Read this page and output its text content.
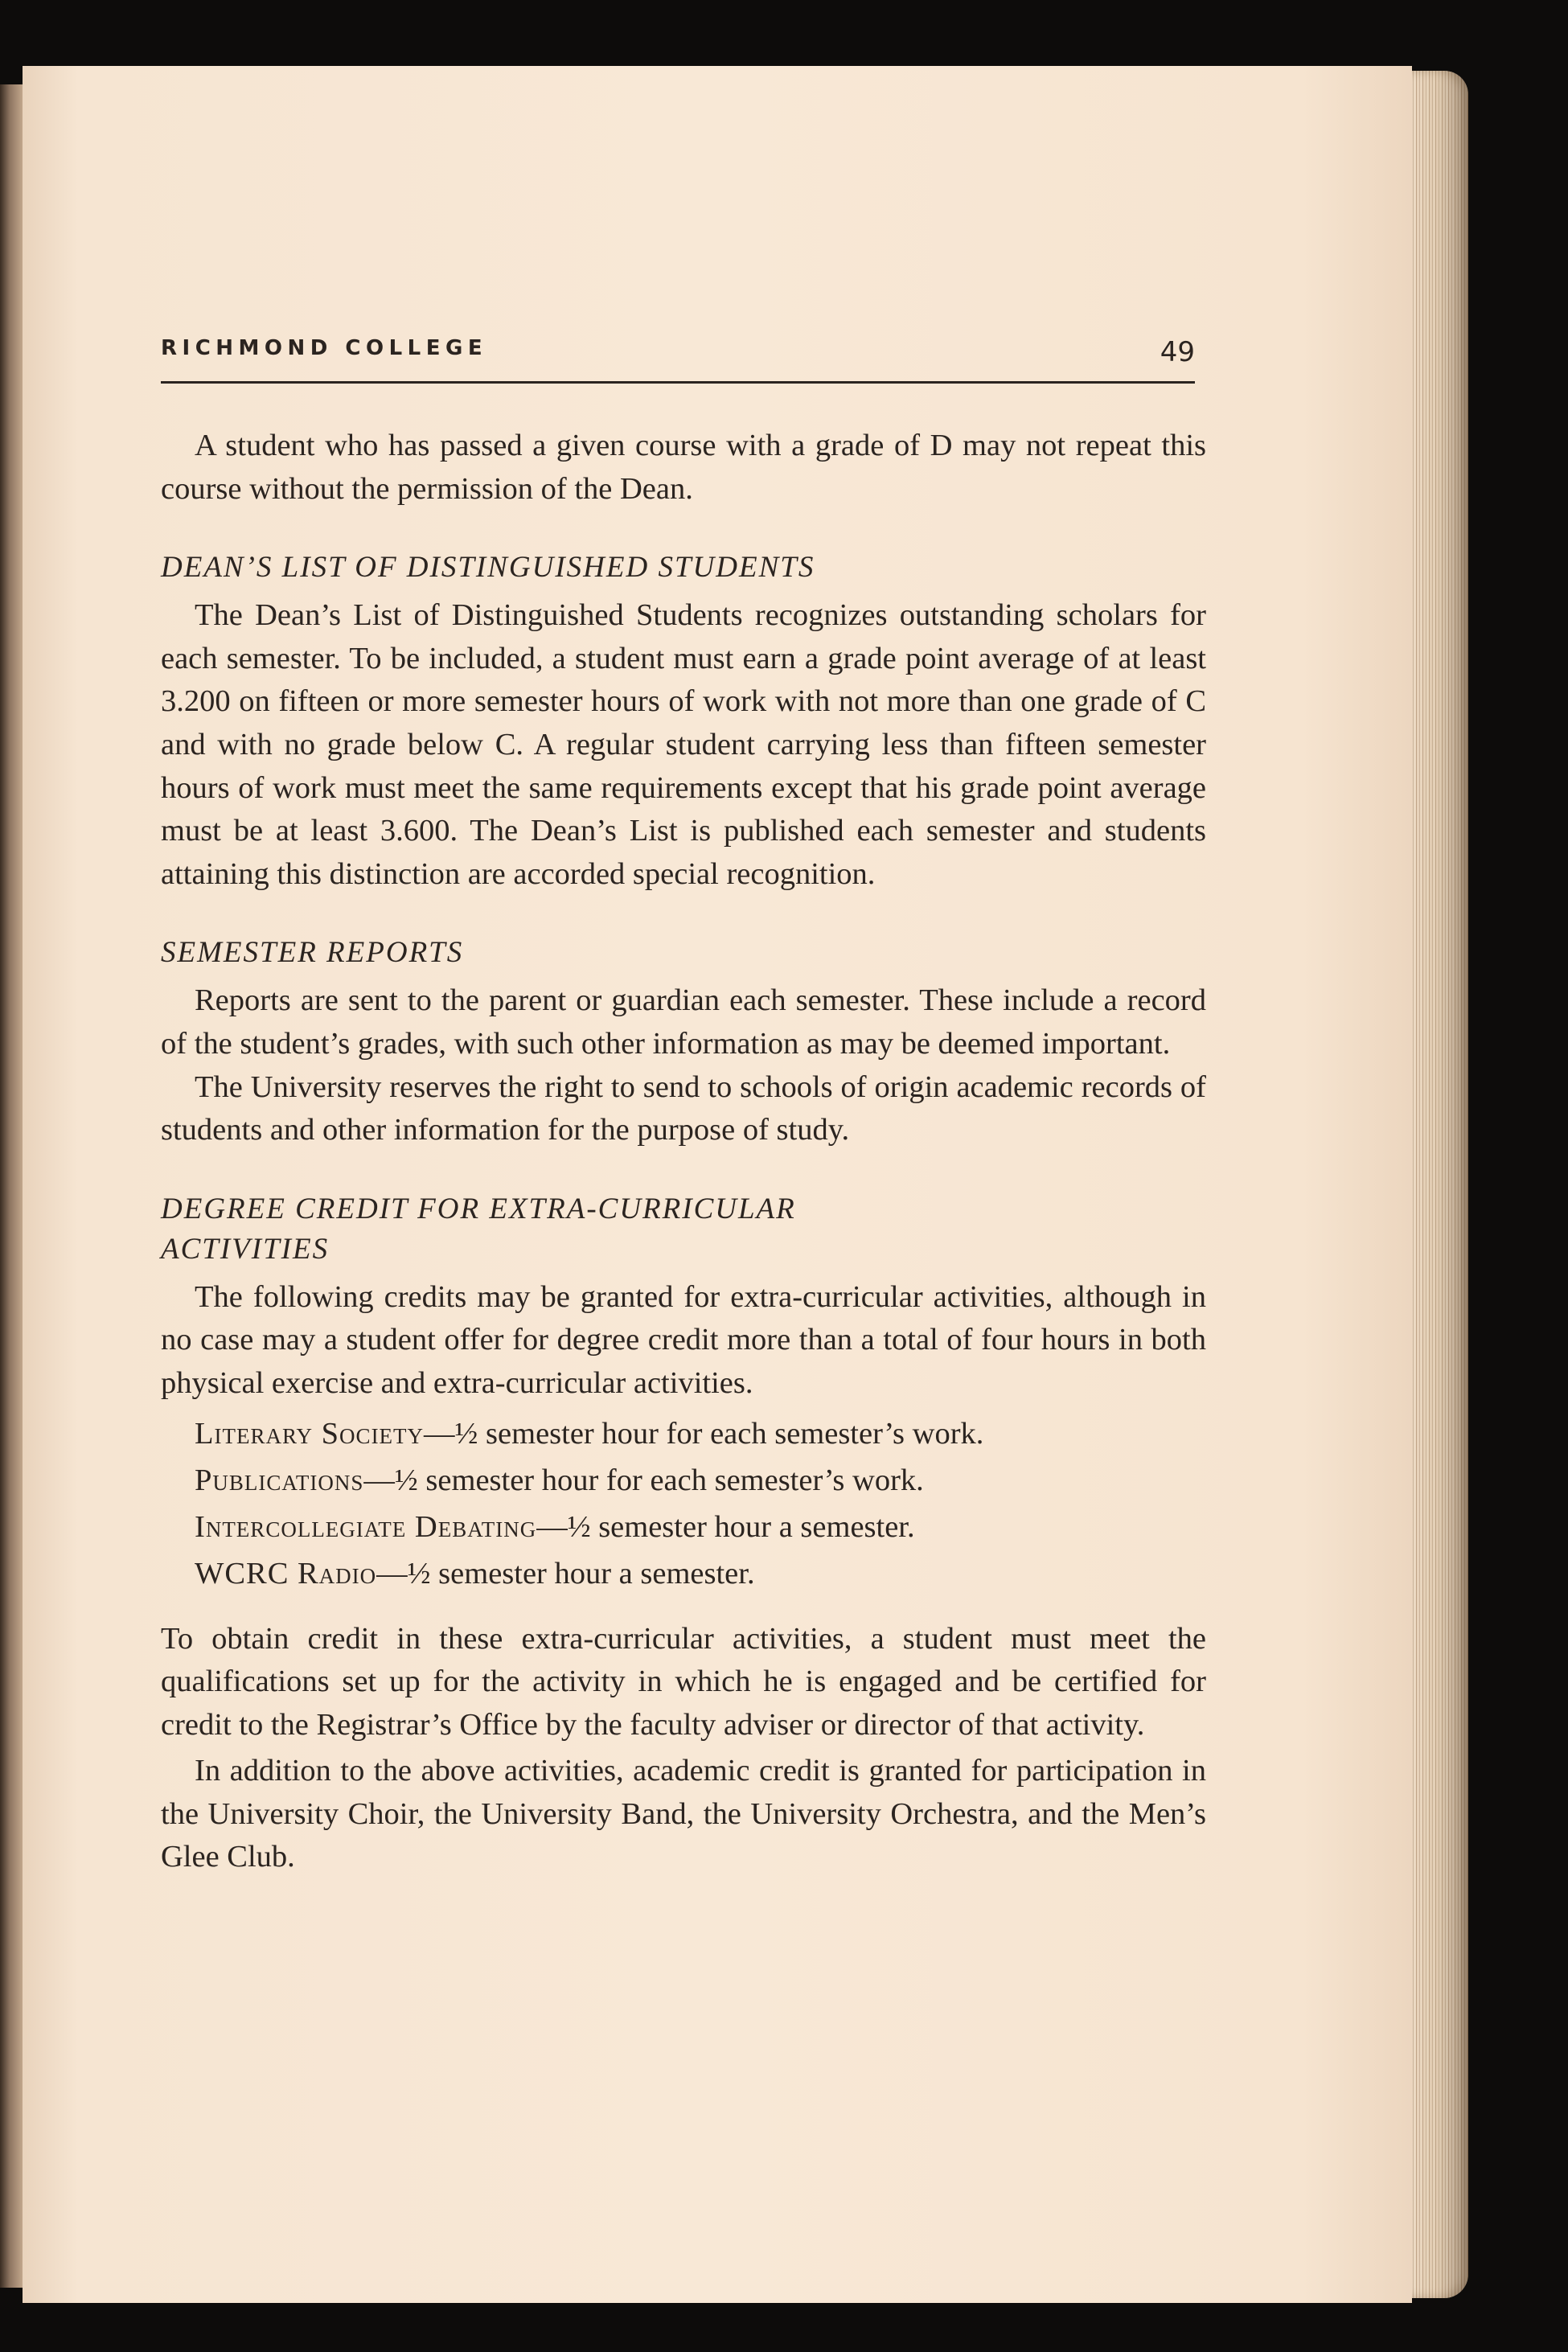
RICHMOND COLLEGE	49

A student who has passed a given course with a grade of D may not repeat this course without the permission of the Dean.

DEAN’S LIST OF DISTINGUISHED STUDENTS

The Dean’s List of Distinguished Students recognizes outstanding scholars for each semester. To be included, a student must earn a grade point average of at least 3.200 on fifteen or more semester hours of work with not more than one grade of C and with no grade below C. A regular student carrying less than fifteen semester hours of work must meet the same requirements except that his grade point average must be at least 3.600. The Dean’s List is published each semester and students attaining this distinction are accorded special recognition.

SEMESTER REPORTS

Reports are sent to the parent or guardian each semester. These include a record of the student’s grades, with such other information as may be deemed important.

The University reserves the right to send to schools of origin academic records of students and other information for the purpose of study.

DEGREE CREDIT FOR EXTRA-CURRICULAR
ACTIVITIES

The following credits may be granted for extra-curricular activities, although in no case may a student offer for degree credit more than a total of four hours in both physical exercise and extra-curricular activities.

Literary Society—½ semester hour for each semester’s work.

Publications—½ semester hour for each semester’s work.

Intercollegiate Debating—½ semester hour a semester.

WCRC Radio—½ semester hour a semester.

To obtain credit in these extra-curricular activities, a student must meet the qualifications set up for the activity in which he is engaged and be certified for credit to the Registrar’s Office by the faculty adviser or director of that activity.

In addition to the above activities, academic credit is granted for participation in the University Choir, the University Band, the University Orchestra, and the Men’s Glee Club.
